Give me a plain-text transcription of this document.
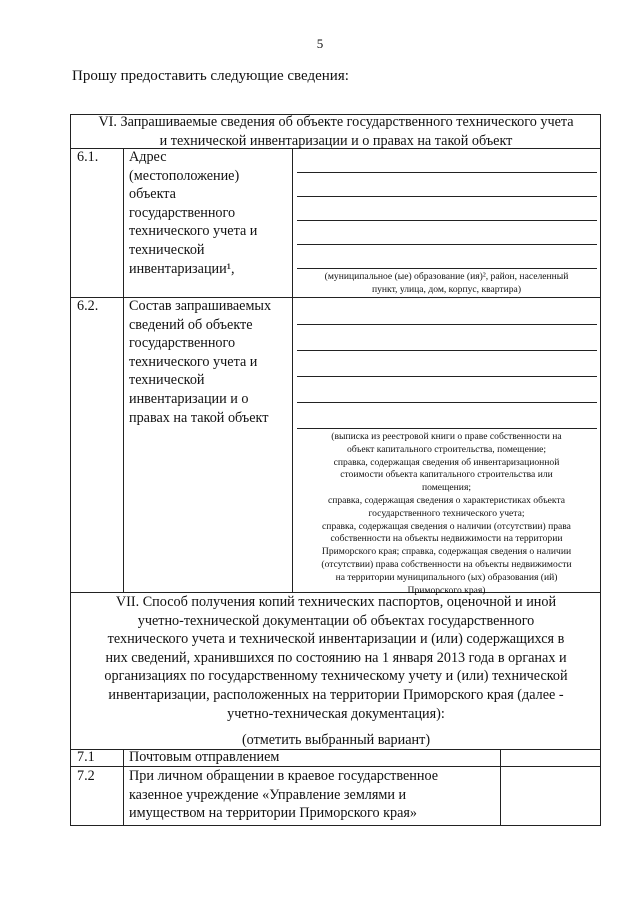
5
Прошу предоставить следующие сведения:
VI. Запрашиваемые сведения об объекте государственного технического учета
и технической инвентаризации и о правах на такой объект
6.1. Адрес
(местоположение)
объекта
государственного
технического учета и
технической
инвентаризации¹,	(муниципальное (ые) образование (ия)², район, населенный
пункт, улица, дом, корпус, квартира)
6.2. Состав запрашиваемых
сведений об объекте
государственного
технического учета и
технической
инвентаризации и о
правах на такой объект
(выписка из реестровой книги о праве собственности на
объект капитального строительства, помещение;
справка, содержащая сведения об инвентаризационной
стоимости объекта капитального строительства или
помещения;
справка, содержащая сведения о характеристиках объекта
государственного технического учета;
справка, содержащая сведения о наличии (отсутствии) права
собственности на объекты недвижимости на территории
Приморского края; справка, содержащая сведения о наличии
(отсутствии) права собственности на объекты недвижимости
на территории муниципального (ых) образования (ий)
Приморского края)
VII. Способ получения копий технических паспортов, оценочной и иной
учетно-технической документации об объектах государственного
технического учета и технической инвентаризации и (или) содержащихся в
них сведений, хранившихся по состоянию на 1 января 2013 года в органах и
организациях по государственному техническому учету и (или) технической
инвентаризации, расположенных на территории Приморского края (далее -
учетно-техническая документация):
(отметить выбранный вариант)
7.1 Почтовым отправлением
7.2 При личном обращении в краевое государственное
казенное учреждение «Управление землями и
имуществом на территории Приморского края»
